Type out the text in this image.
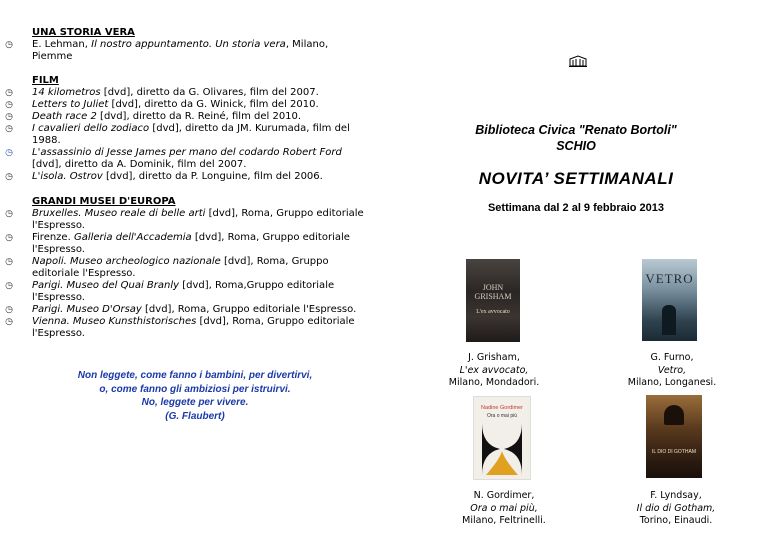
UNA STORIA VERA
◷ E. Lehman, Il nostro appuntamento. Un storia vera, Milano,
Piemme
FILM
◷ 14 kilometros [dvd], diretto da G. Olivares, film del 2007.
◷ Letters to Juliet [dvd], diretto da G. Winick, film del 2010.
◷ Death race 2 [dvd], diretto da R. Reiné, film del 2010.
◷ I cavalieri dello zodiaco [dvd], diretto da JM. Kurumada, film del
1988.
◷ L'assassinio di Jesse James per mano del codardo Robert Ford
[dvd], diretto da A. Dominik, film del 2007.
◷ L'isola. Ostrov [dvd], diretto da P. Longuine, film del 2006.
GRANDI MUSEI D'EUROPA
◷ Bruxelles. Museo reale di belle arti [dvd], Roma, Gruppo editoriale
l'Espresso.
◷ Firenze. Galleria dell'Accademia [dvd], Roma, Gruppo editoriale
l'Espresso.
◷ Napoli. Museo archeologico nazionale [dvd], Roma, Gruppo
editoriale l'Espresso.
◷ Parigi. Museo del Quai Branly [dvd], Roma,Gruppo editoriale
l'Espresso.
◷ Parigi. Museo D'Orsay [dvd], Roma, Gruppo editoriale l'Espresso.
◷ Vienna. Museo Kunsthistorisches [dvd], Roma, Gruppo editoriale
l'Espresso.
Non leggete, come fanno i bambini, per divertirvi,
o, come fanno gli ambiziosi per istruirvi.
No, leggete per vivere.
(G. Flaubert)
Biblioteca Civica "Renato Bortoli"
SCHIO
NOVITA’ SETTIMANALI
Settimana dal 2 al 9 febbraio 2013
JOHN GRISHAM
L'ex avvocato
VETRO
Nadine Gordimer
Ora o mai più
IL DIO DI GOTHAM
J. Grisham,
L'ex avvocato,
Milano, Mondadori.
G. Furno,
Vetro,
Milano, Longanesi.
N. Gordimer,
Ora o mai più,
Milano, Feltrinelli.
F. Lyndsay,
Il dio di Gotham,
Torino, Einaudi.
